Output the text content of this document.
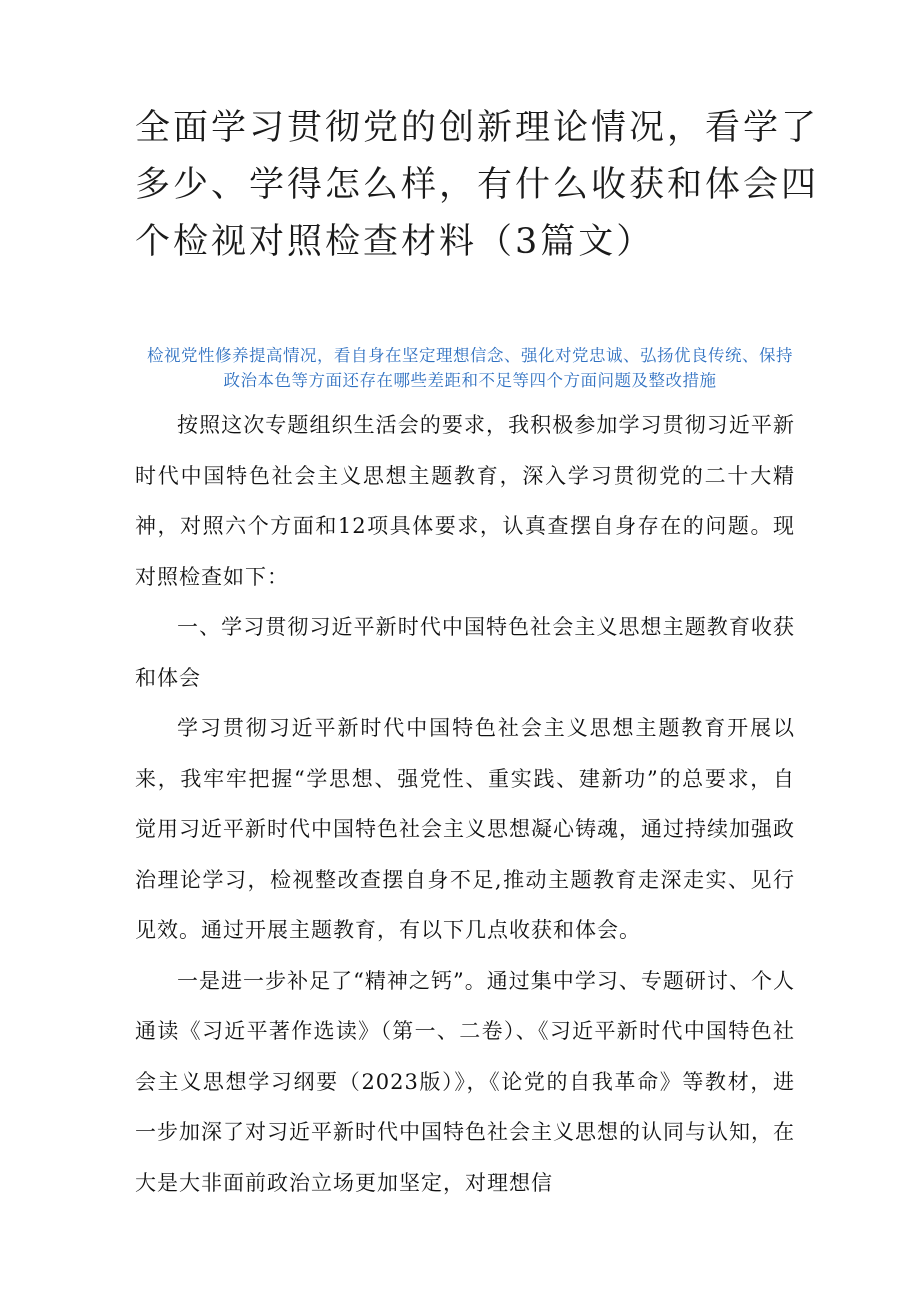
全面学习贯彻党的创新理论情况，看学了多少、学得怎么样，有什么收获和体会四个检视对照检查材料（3篇文）

检视党性修养提高情况，看自身在坚定理想信念、强化对党忠诚、弘扬优良传统、保持政治本色等方面还存在哪些差距和不足等四个方面问题及整改措施

按照这次专题组织生活会的要求，我积极参加学习贯彻习近平新时代中国特色社会主义思想主题教育，深入学习贯彻党的二十大精神，对照六个方面和12项具体要求，认真查摆自身存在的问题。现对照检查如下：

一、学习贯彻习近平新时代中国特色社会主义思想主题教育收获和体会

学习贯彻习近平新时代中国特色社会主义思想主题教育开展以来，我牢牢把握“学思想、强党性、重实践、建新功”的总要求，自觉用习近平新时代中国特色社会主义思想凝心铸魂，通过持续加强政治理论学习，检视整改查摆自身不足,推动主题教育走深走实、见行见效。通过开展主题教育，有以下几点收获和体会。

一是进一步补足了“精神之钙”。通过集中学习、专题研讨、个人通读《习近平著作选读》（第一、二卷）、《习近平新时代中国特色社会主义思想学习纲要（2023版）》，《论党的自我革命》等教材，进一步加深了对习近平新时代中国特色社会主义思想的认同与认知，在大是大非面前政治立场更加坚定，对理想信
